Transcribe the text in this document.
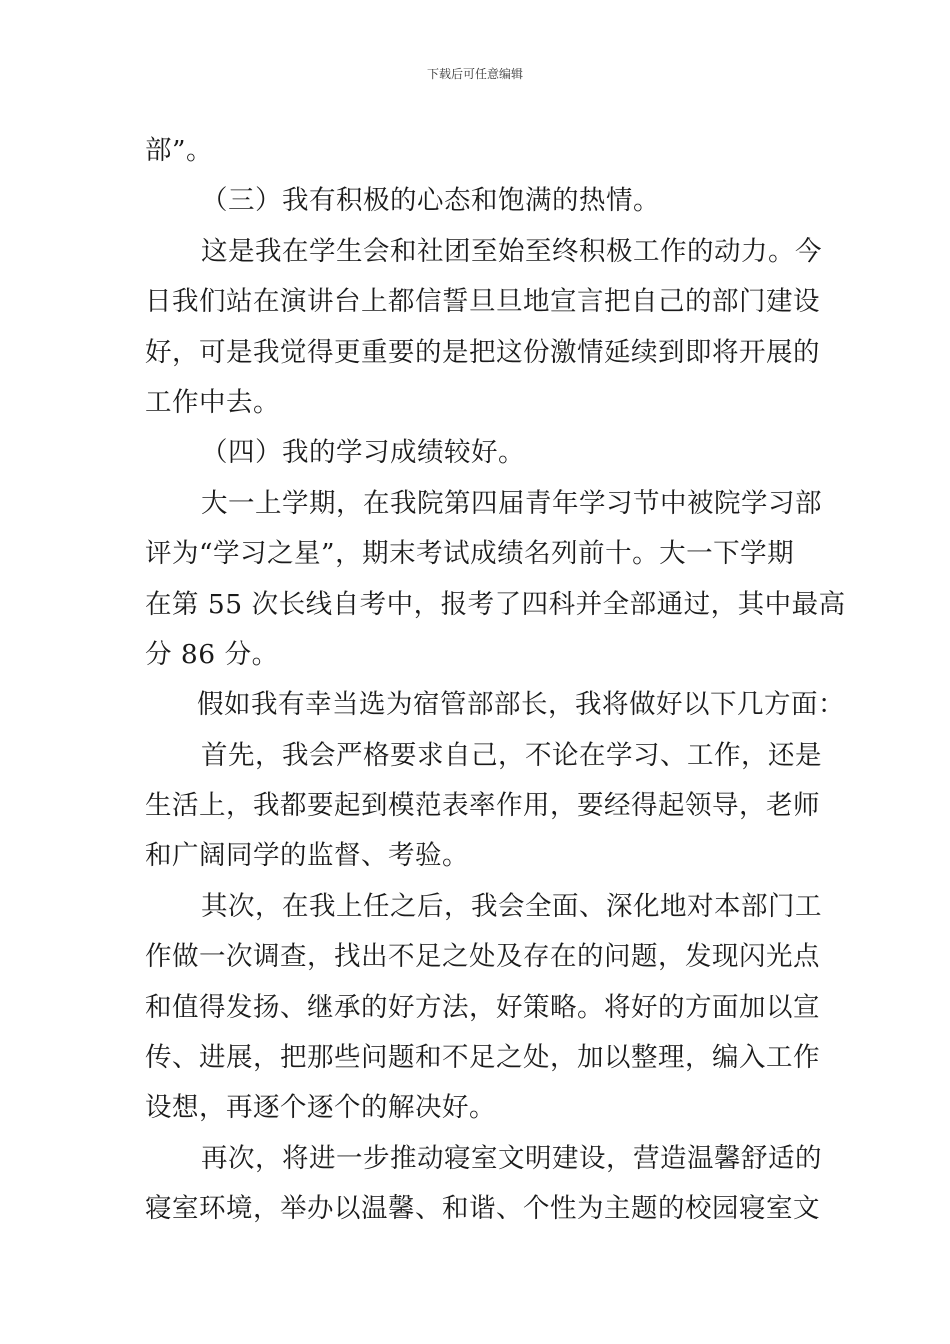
下载后可任意编辑
部”。
（三）我有积极的心态和饱满的热情。
这是我在学生会和社团至始至终积极工作的动力。今
日我们站在演讲台上都信誓旦旦地宣言把自己的部门建设
好，可是我觉得更重要的是把这份激情延续到即将开展的
工作中去。
（四）我的学习成绩较好。
大一上学期，在我院第四届青年学习节中被院学习部
评为“学习之星”，期末考试成绩名列前十。大一下学期
在第 55 次长线自考中，报考了四科并全部通过，其中最高
分 86 分。
假如我有幸当选为宿管部部长，我将做好以下几方面：
首先，我会严格要求自己，不论在学习、工作，还是
生活上，我都要起到模范表率作用，要经得起领导，老师
和广阔同学的监督、考验。
其次，在我上任之后，我会全面、深化地对本部门工
作做一次调查，找出不足之处及存在的问题，发现闪光点
和值得发扬、继承的好方法，好策略。将好的方面加以宣
传、进展，把那些问题和不足之处，加以整理，编入工作
设想，再逐个逐个的解决好。
再次，将进一步推动寝室文明建设，营造温馨舒适的
寝室环境，举办以温馨、和谐、个性为主题的校园寝室文
